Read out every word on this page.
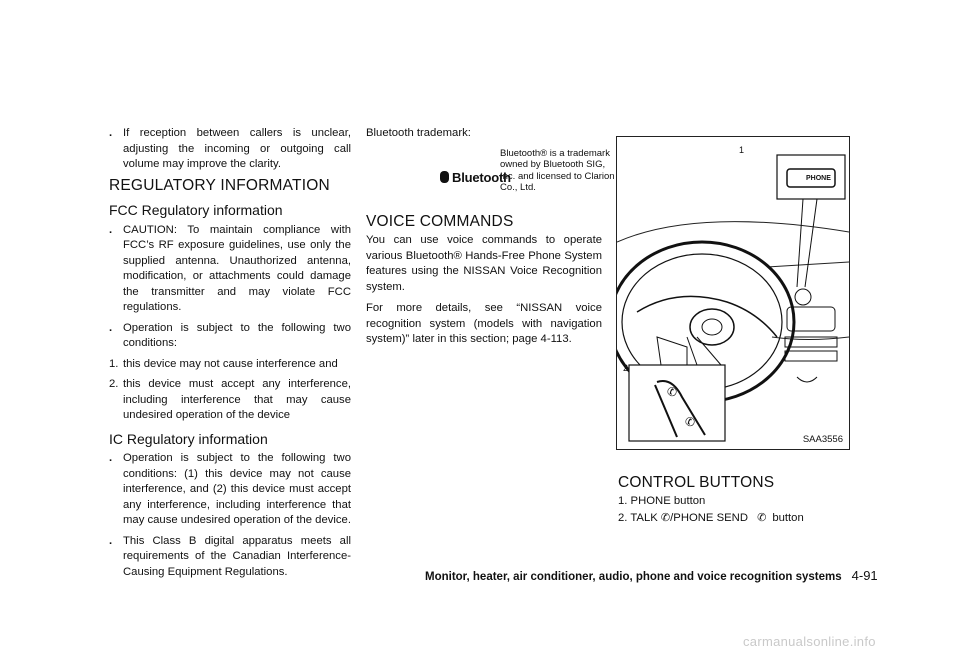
. If reception between callers is unclear, adjusting the incoming or outgoing call volume may improve the clarity.
REGULATORY INFORMATION
FCC Regulatory information
. CAUTION: To maintain compliance with FCC’s RF exposure guidelines, use only the supplied antenna. Unauthorized antenna, modification, or attachments could damage the transmitter and may violate FCC regulations.
. Operation is subject to the following two conditions:
1. this device may not cause interference and
2. this device must accept any interference, including interference that may cause undesired operation of the device
IC Regulatory information
. Operation is subject to the following two conditions: (1) this device may not cause interference, and (2) this device must accept any interference, including interference that may cause undesired operation of the device.
. This Class B digital apparatus meets all requirements of the Canadian Interference-Causing Equipment Regulations.

Bluetooth trademark:

Bluetooth
Bluetooth® is a trademark owned by Bluetooth SIG, Inc. and licensed to Clarion Co., Ltd.
VOICE COMMANDS

You can use voice commands to operate various Bluetooth® Hands-Free Phone System features using the NISSAN Voice Recognition system.

For more details, see “NISSAN voice recognition system (models with navigation system)” later in this section; page 4-113.

1
2
PHONE
✆
✆
SAA3556
CONTROL BUTTONS
1. PHONE button
2. TALK ✆/PHONE SEND ✆ button
Monitor, heater, air conditioner, audio, phone and voice recognition systems 4-91
carmanualsonline.info
